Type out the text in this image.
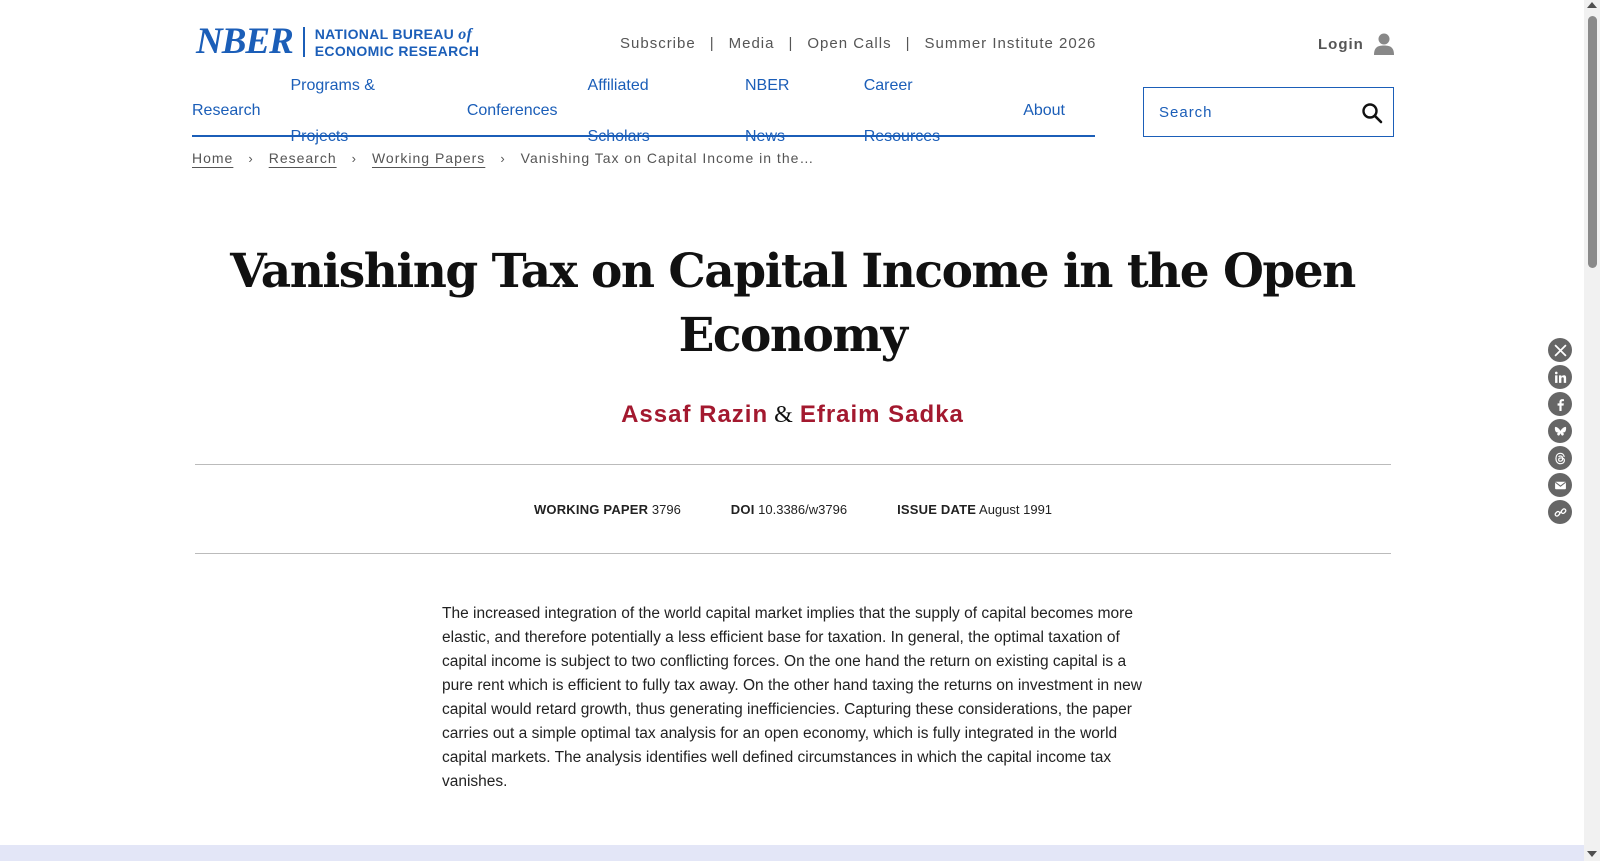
NBER NATIONAL BUREAU of
ECONOMIC RESEARCH	Subscribe | Media | Open Calls | Summer Institute 2026	Login
Research
Programs & Projects
Conferences
Affiliated Scholars
NBER News
Career Resources
About
Search
Home › Research › Working Papers › Vanishing Tax on Capital Income in the…
Vanishing Tax on Capital Income in the Open Economy
Assaf Razin & Efraim Sadka
WORKING PAPER 3796	DOI 10.3386/w3796	ISSUE DATE August 1991

The increased integration of the world capital market implies that the supply of capital becomes more elastic, and therefore potentially a less efficient base for taxation. In general, the optimal taxation of capital income is subject to two conflicting forces. On the one hand the return on existing capital is a pure rent which is efficient to fully tax away. On the other hand taxing the returns on investment in new capital would retard growth, thus generating inefficiencies. Capturing these considerations, the paper carries out a simple optimal tax analysis for an open economy, which is fully integrated in the world capital markets. The analysis identifies well defined circumstances in which the capital income tax vanishes.
